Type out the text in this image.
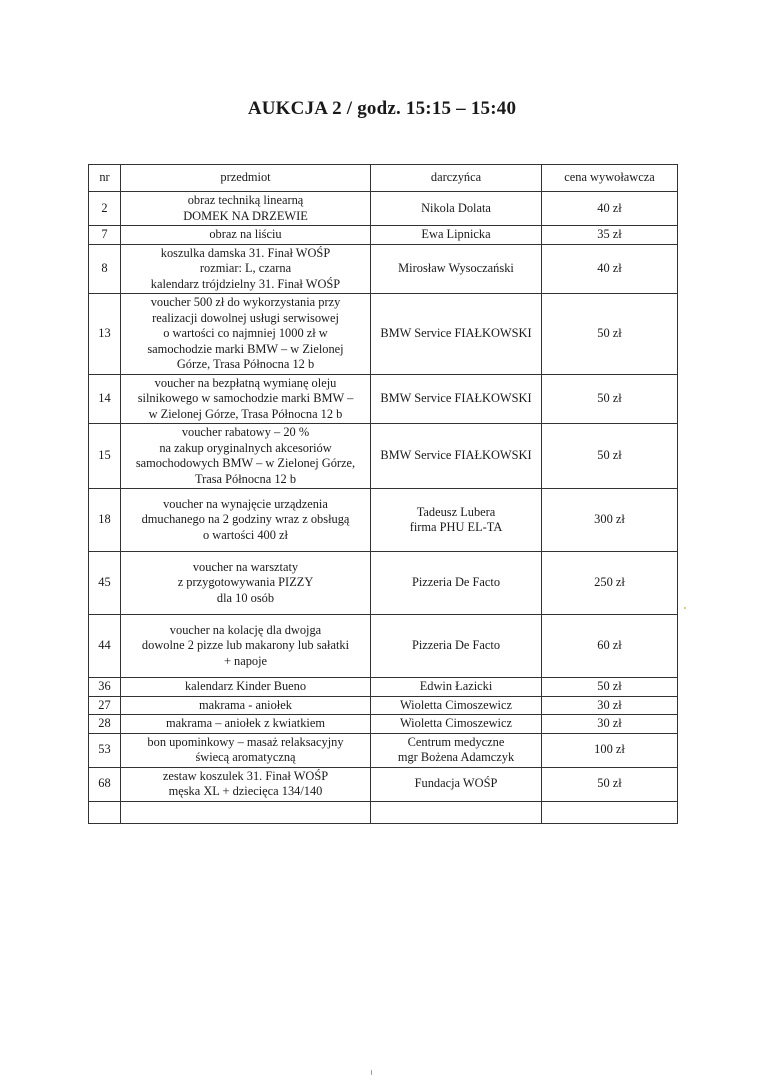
AUKCJA 2 / godz. 15:15 – 15:40
nr	przedmiot	darczyńca	cena wywoławcza
2	obraz techniką linearną
DOMEK NA DRZEWIE	Nikola Dolata	40 zł
7	obraz na liściu	Ewa Lipnicka	35 zł
8	koszulka damska 31. Finał WOŚP
rozmiar: L, czarna
kalendarz trójdzielny 31. Finał WOŚP	Mirosław Wysoczański	40 zł
13	voucher 500 zł do wykorzystania przy
realizacji dowolnej usługi serwisowej
o wartości co najmniej 1000 zł w
samochodzie marki BMW – w Zielonej
Górze, Trasa Północna 12 b	BMW Service FIAŁKOWSKI	50 zł
14	voucher na bezpłatną wymianę oleju
silnikowego w samochodzie marki BMW –
w Zielonej Górze, Trasa Północna 12 b	BMW Service FIAŁKOWSKI	50 zł
15	voucher rabatowy – 20 %
na zakup oryginalnych akcesoriów
samochodowych BMW – w Zielonej Górze,
Trasa Północna 12 b	BMW Service FIAŁKOWSKI	50 zł
18	voucher na wynajęcie urządzenia
dmuchanego na 2 godziny wraz z obsługą
o wartości 400 zł	Tadeusz Lubera
firma PHU EL-TA	300 zł
45	voucher na warsztaty
z przygotowywania PIZZY
dla 10 osób	Pizzeria De Facto	250 zł
44	voucher na kolację dla dwojga
dowolne 2 pizze lub makarony lub sałatki
+ napoje	Pizzeria De Facto	60 zł
36	kalendarz Kinder Bueno	Edwin Łazicki	50 zł
27	makrama - aniołek	Wioletta Cimoszewicz	30 zł
28	makrama – aniołek z kwiatkiem	Wioletta Cimoszewicz	30 zł
53	bon upominkowy – masaż relaksacyjny
świecą aromatyczną	Centrum medyczne
mgr Bożena Adamczyk	100 zł
68	zestaw koszulek 31. Finał WOŚP
męska XL + dziecięca 134/140	Fundacja WOŚP	50 zł
